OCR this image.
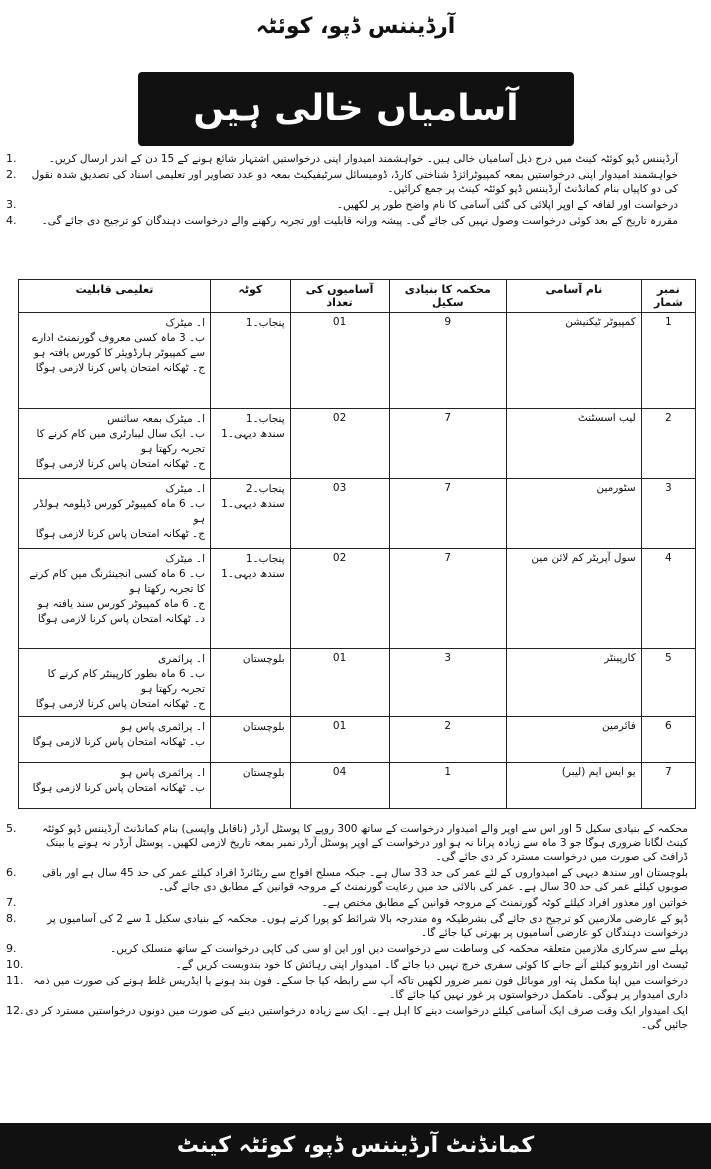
آرڈیننس ڈپو، کوئٹہ
آسامیاں خالی ہیں
1.	آرڈیننس ڈپو کوئٹہ کینٹ میں درج ذیل آسامیاں خالی ہیں۔ خواہشمند امیدوار اپنی درخواستیں اشتہار شائع ہونے کے 15 دن کے اندر ارسال کریں۔
2.	خواہشمند امیدوار اپنی درخواستیں بمعہ کمپیوٹرائزڈ شناختی کارڈ، ڈومیسائل سرٹیفیکیٹ بمعہ دو عدد تصاویر اور تعلیمی اسناد کی تصدیق شدہ نقول کی دو کاپیاں بنام کمانڈنٹ آرڈیننس ڈپو کوئٹہ کینٹ پر جمع کرائیں۔
3.	درخواست اور لفافہ کے اوپر اپلائی کی گئی آسامی کا نام واضح طور پر لکھیں۔
4.	مقررہ تاریخ کے بعد کوئی درخواست وصول نہیں کی جائے گی۔ پیشہ ورانہ قابلیت اور تجربہ رکھنے والے درخواست دہندگان کو ترجیح دی جائے گی۔
نمبر شمار	نام آسامی	محکمہ کا بنیادی سکیل	آسامیوں کی تعداد	کوٹہ	تعلیمی قابلیت
1	کمپیوٹر ٹیکنیشن	9	01	پنجاب۔1	ا۔ میٹرک
ب۔ 3 ماہ کسی معروف گورنمنٹ ادارے سے کمپیوٹر ہارڈویئر کا کورس یافتہ ہو
ج۔ ٹھکانہ امتحان پاس کرنا لازمی ہوگا

2	لیب اسسٹنٹ	7	02	پنجاب۔1
سندھ دیہی۔1	ا۔ میٹرک بمعہ سائنس
ب۔ ایک سال لیبارٹری میں کام کرنے کا تجربہ رکھتا ہو
ج۔ ٹھکانہ امتحان پاس کرنا لازمی ہوگا

3	سٹورمین	7	03	پنجاب۔2
سندھ دیہی۔1	ا۔ میٹرک
ب۔ 6 ماہ کمپیوٹر کورس ڈپلومہ ہولڈر ہو
ج۔ ٹھکانہ امتحان پاس کرنا لازمی ہوگا

4	سول آپریٹر کم لائن مین	7	02	پنجاب۔1
سندھ دیہی۔1	ا۔ میٹرک
ب۔ 6 ماہ کسی انجینئرنگ میں کام کرنے کا تجربہ رکھتا ہو
ج۔ 6 ماہ کمپیوٹر کورس سند یافتہ ہو
د۔ ٹھکانہ امتحان پاس کرنا لازمی ہوگا

5	کارپینٹر	3	01	بلوچستان	ا۔ پرائمری
ب۔ 6 ماہ بطور کارپینٹر کام کرنے کا تجربہ رکھتا ہو
ج۔ ٹھکانہ امتحان پاس کرنا لازمی ہوگا

6	فائرمین	2	01	بلوچستان	ا۔ پرائمری پاس ہو
ب۔ ٹھکانہ امتحان پاس کرنا لازمی ہوگا

7	یو ایس ایم (لیبر)	1	04	بلوچستان	ا۔ پرائمری پاس ہو
ب۔ ٹھکانہ امتحان پاس کرنا لازمی ہوگا
5.	محکمہ کے بنیادی سکیل 5 اور اس سے اوپر والے امیدوار درخواست کے ساتھ 300 روپے کا پوسٹل آرڈر (ناقابل واپسی) بنام کمانڈنٹ آرڈیننس ڈپو کوئٹہ کینٹ لگانا ضروری ہوگا جو 3 ماہ سے زیادہ پرانا نہ ہو اور درخواست کے اوپر پوسٹل آرڈر نمبر بمعہ تاریخ لازمی لکھیں۔ پوسٹل آرڈر نہ ہونے یا بینک ڈرافٹ کی صورت میں درخواست مسترد کر دی جائے گی۔
6.	بلوچستان اور سندھ دیہی کے امیدواروں کے لئے عمر کی حد 33 سال ہے۔ جبکہ مسلح افواج سے ریٹائرڈ افراد کیلئے عمر کی حد 45 سال ہے اور باقی صوبوں کیلئے عمر کی حد 30 سال ہے۔ عمر کی بالائی حد میں رعایت گورنمنٹ کے مروجہ قوانین کے مطابق دی جائے گی۔
7.	خواتین اور معذور افراد کیلئے کوٹہ گورنمنٹ کے مروجہ قوانین کے مطابق مختص ہے۔
8.	ڈپو کے عارضی ملازمین کو ترجیح دی جائے گی بشرطیکہ وہ مندرجہ بالا شرائط کو پورا کرتے ہوں۔ محکمہ کے بنیادی سکیل 1 سے 2 کی آسامیوں پر درخواست دہندگان کو عارضی آسامیوں پر بھرتی کیا جائے گا۔
9.	پہلے سے سرکاری ملازمین متعلقہ محکمہ کی وساطت سے درخواست دیں اور این او سی کی کاپی درخواست کے ساتھ منسلک کریں۔
10.	ٹیسٹ اور انٹرویو کیلئے آنے جانے کا کوئی سفری خرچ نہیں دیا جائے گا۔ امیدوار اپنی رہائش کا خود بندوبست کریں گے۔
11. درخواست میں اپنا مکمل پتہ اور موبائل فون نمبر ضرور لکھیں تاکہ آپ سے رابطہ کیا جا سکے۔ فون بند ہونے یا ایڈریس غلط ہونے کی صورت میں ذمہ داری امیدوار پر ہوگی۔ نامکمل درخواستوں پر غور نہیں کیا جائے گا۔
12. ایک امیدوار ایک وقت صرف ایک آسامی کیلئے درخواست دینے کا اہل ہے۔ ایک سے زیادہ درخواستیں دینے کی صورت میں دونوں درخواستیں مسترد کر دی جائیں گی۔
کمانڈنٹ آرڈیننس ڈپو، کوئٹہ کینٹ
